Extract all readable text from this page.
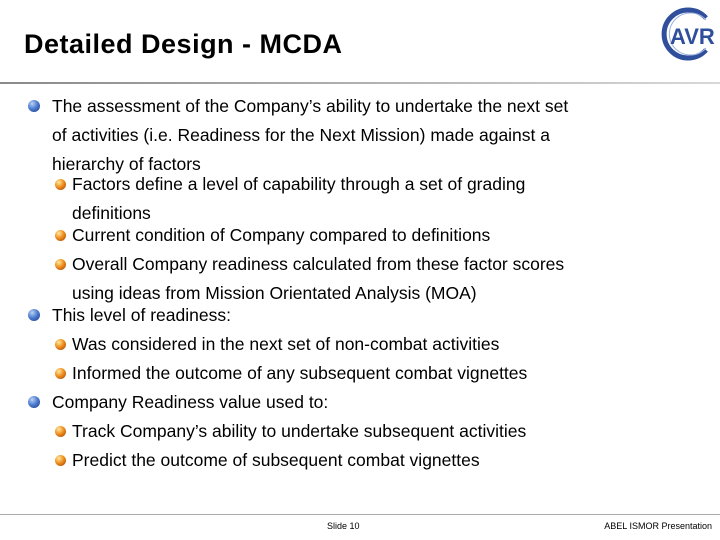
Detailed Design - MCDA	AVR
The assessment of the Company’s ability to undertake the next set
of activities (i.e. Readiness for the Next Mission) made against a
hierarchy of factors
Factors define a level of capability through a set of grading
definitions
Current condition of Company compared to definitions
Overall Company readiness calculated from these factor scores
using ideas from Mission Orientated Analysis (MOA)
This level of readiness:
Was considered in the next set of non-combat activities
Informed the outcome of any subsequent combat vignettes
Company Readiness value used to:
Track Company’s ability to undertake subsequent activities
Predict the outcome of subsequent combat vignettes
Slide 10	ABEL ISMOR Presentation
